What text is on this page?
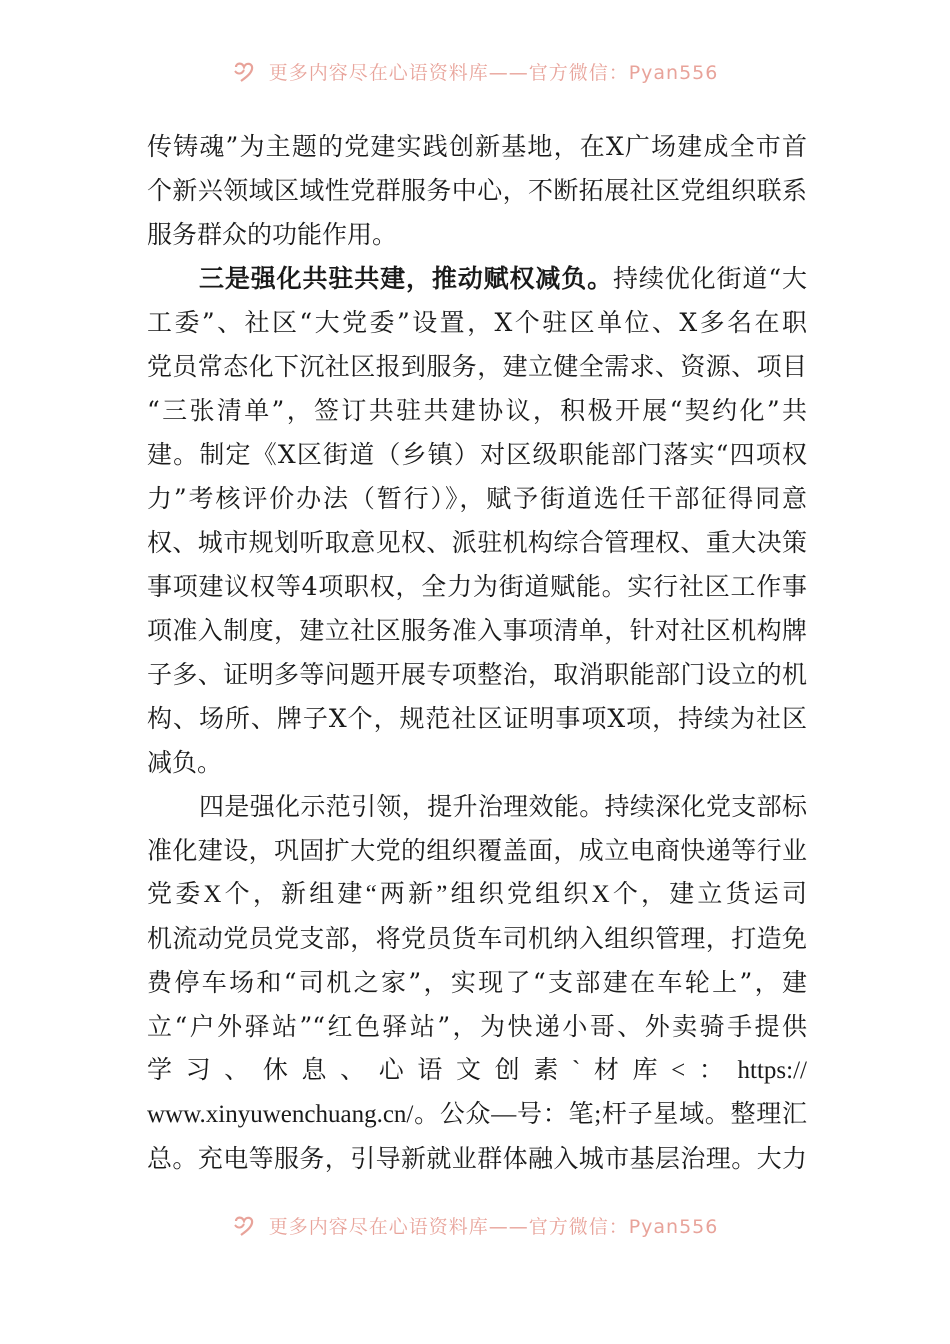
更多内容尽在心语资料库——官方微信：Pyan556
传铸魂”为主题的党建实践创新基地，在X广场建成全市首
个新兴领域区域性党群服务中心，不断拓展社区党组织联系
服务群众的功能作用。
三是强化共驻共建，推动赋权减负。持续优化街道“大
工委”、社区“大党委”设置，X个驻区单位、X多名在职
党员常态化下沉社区报到服务，建立健全需求、资源、项目
“三张清单”，签订共驻共建协议，积极开展“契约化”共
建。制定《X区街道（乡镇）对区级职能部门落实“四项权
力”考核评价办法（暂行）》，赋予街道选任干部征得同意
权、城市规划听取意见权、派驻机构综合管理权、重大决策
事项建议权等4项职权，全力为街道赋能。实行社区工作事
项准入制度，建立社区服务准入事项清单，针对社区机构牌
子多、证明多等问题开展专项整治，取消职能部门设立的机
构、场所、牌子X个，规范社区证明事项X项，持续为社区
减负。
四是强化示范引领，提升治理效能。持续深化党支部标
准化建设，巩固扩大党的组织覆盖面，成立电商快递等行业
党委X个，新组建“两新”组织党组织X个，建立货运司
机流动党员党支部，将党员货车司机纳入组织管理，打造免
费停车场和“司机之家”，实现了“支部建在车轮上”，建
立“户外驿站”“红色驿站”，为快递小哥、外卖骑手提供
学习、休息、心语文创素`材库<：https://
www.xinyuwenchuang.cn/。公众—号：笔;杆子星域。整理汇
总。充电等服务，引导新就业群体融入城市基层治理。大力
更多内容尽在心语资料库——官方微信：Pyan556
